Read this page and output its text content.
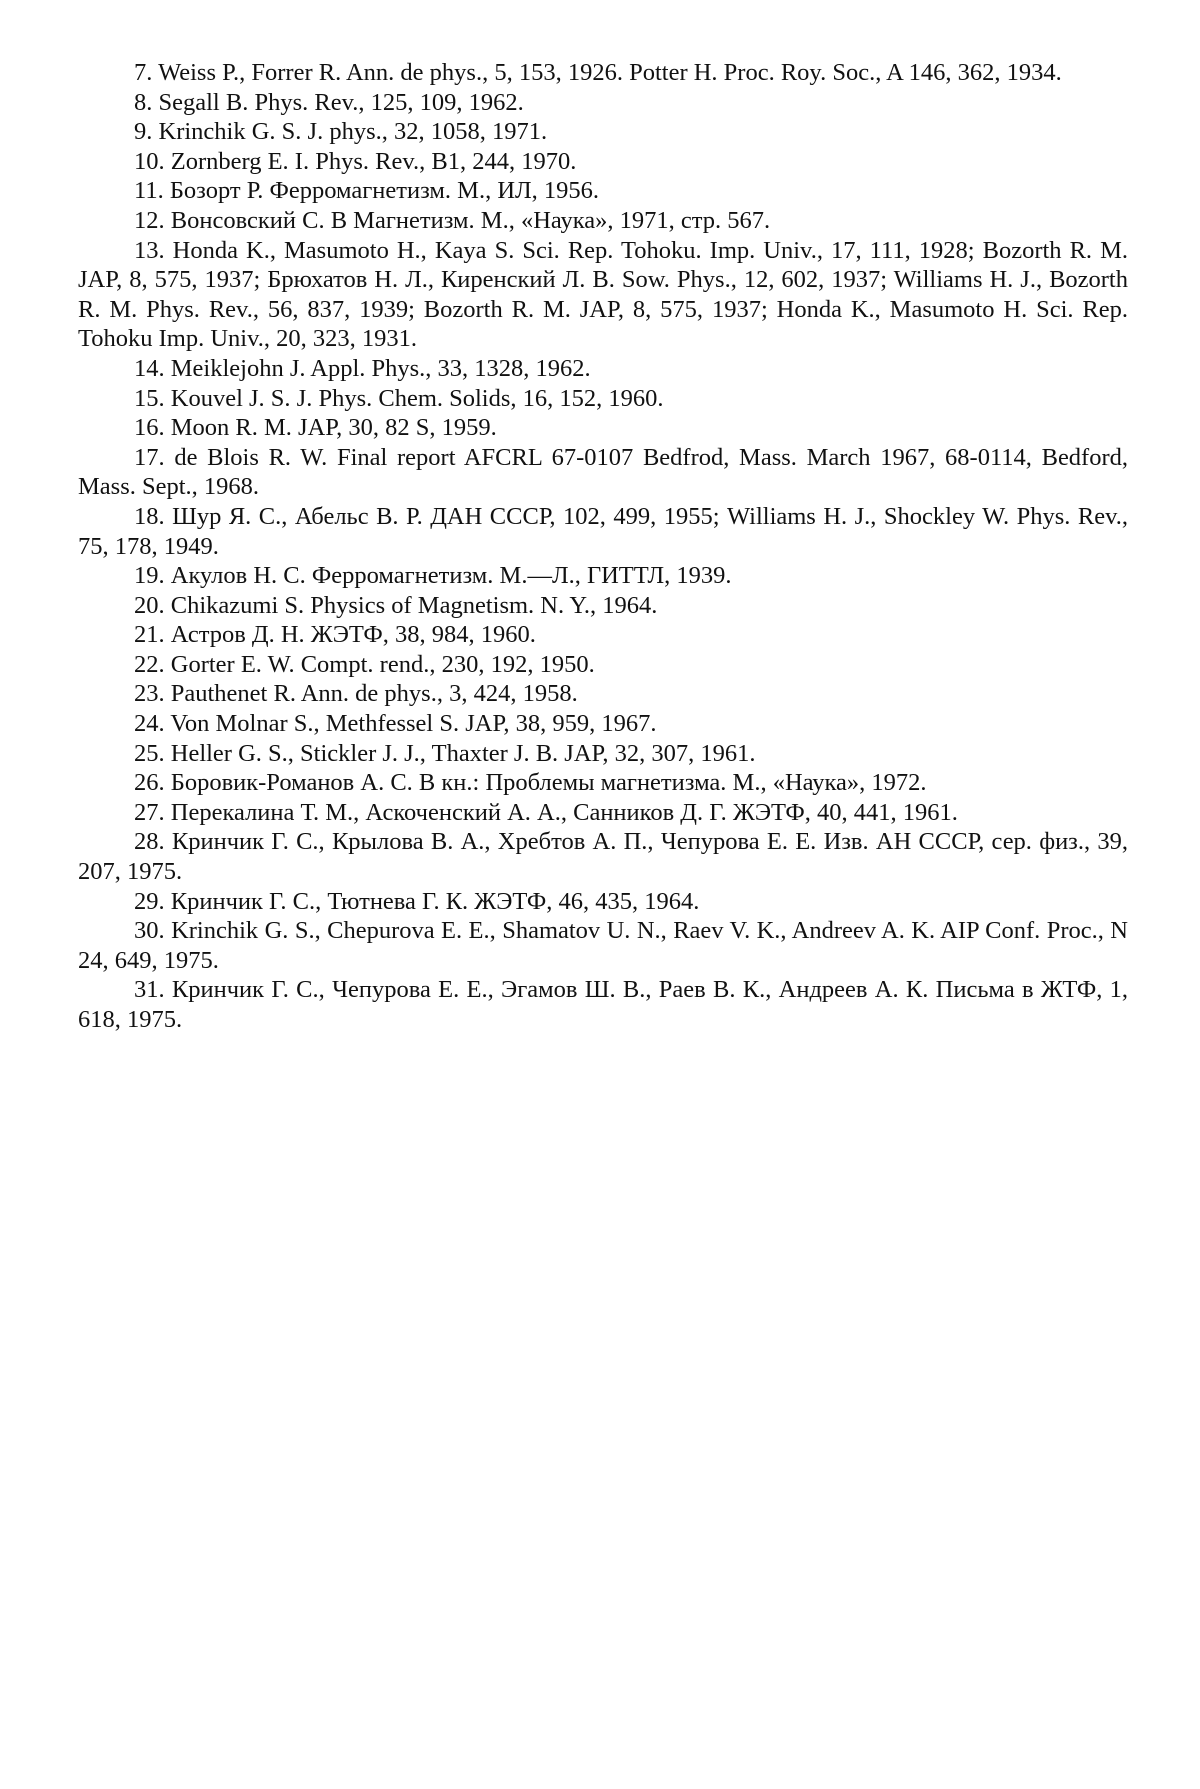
7. Weiss P., Forrer R. Ann. de phys., 5, 153, 1926. Potter H. Proc. Roy. Soc., A 146, 362, 1934.

8. Segall B. Phys. Rev., 125, 109, 1962.

9. Krinchik G. S. J. phys., 32, 1058, 1971.

10. Zornberg E. I. Phys. Rev., B1, 244, 1970.

11. Бозорт Р. Ферромагнетизм. М., ИЛ, 1956.

12. Вонсовский С. В Магнетизм. М., «Наука», 1971, стр. 567.

13. Honda K., Masumoto H., Kaya S. Sci. Rep. Tohoku. Imp. Univ., 17, 111, 1928; Bozorth R. M. JAP, 8, 575, 1937; Брюхатов Н. Л., Киренский Л. В. Sow. Phys., 12, 602, 1937; Williams H. J., Bozorth R. M. Phys. Rev., 56, 837, 1939; Bozorth R. M. JAP, 8, 575, 1937; Honda K., Masumoto H. Sci. Rep. Tohoku Imp. Univ., 20, 323, 1931.

14. Meiklejohn J. Appl. Phys., 33, 1328, 1962.

15. Kouvel J. S. J. Phys. Chem. Solids, 16, 152, 1960.

16. Moon R. M. JAP, 30, 82 S, 1959.

17. de Blois R. W. Final report AFCRL 67-0107 Bedfrod, Mass. March 1967, 68-0114, Bedford, Mass. Sept., 1968.

18. Шур Я. С., Абельс В. Р. ДАН СССР, 102, 499, 1955; Williams H. J., Shockley W. Phys. Rev., 75, 178, 1949.

19. Акулов Н. С. Ферромагнетизм. М.—Л., ГИТТЛ, 1939.

20. Chikazumi S. Physics of Magnetism. N. Y., 1964.

21. Астров Д. Н. ЖЭТФ, 38, 984, 1960.

22. Gorter E. W. Compt. rend., 230, 192, 1950.

23. Pauthenet R. Ann. de phys., 3, 424, 1958.

24. Von Molnar S., Methfessel S. JAP, 38, 959, 1967.

25. Heller G. S., Stickler J. J., Thaxter J. B. JAP, 32, 307, 1961.

26. Боровик-Романов А. С. В кн.: Проблемы магнетизма. М., «Наука», 1972.

27. Перекалина Т. М., Аскоченский А. А., Санников Д. Г. ЖЭТФ, 40, 441, 1961.

28. Кринчик Г. С., Крылова В. А., Хребтов А. П., Чепурова Е. Е. Изв. АН СССР, сер. физ., 39, 207, 1975.

29. Кринчик Г. С., Тютнева Г. К. ЖЭТФ, 46, 435, 1964.

30. Krinchik G. S., Chepurova E. E., Shamatov U. N., Raev V. K., Andreev A. K. AIP Conf. Proc., N 24, 649, 1975.

31. Кринчик Г. С., Чепурова Е. Е., Эгамов Ш. В., Раев В. К., Андреев А. К. Письма в ЖТФ, 1, 618, 1975.
